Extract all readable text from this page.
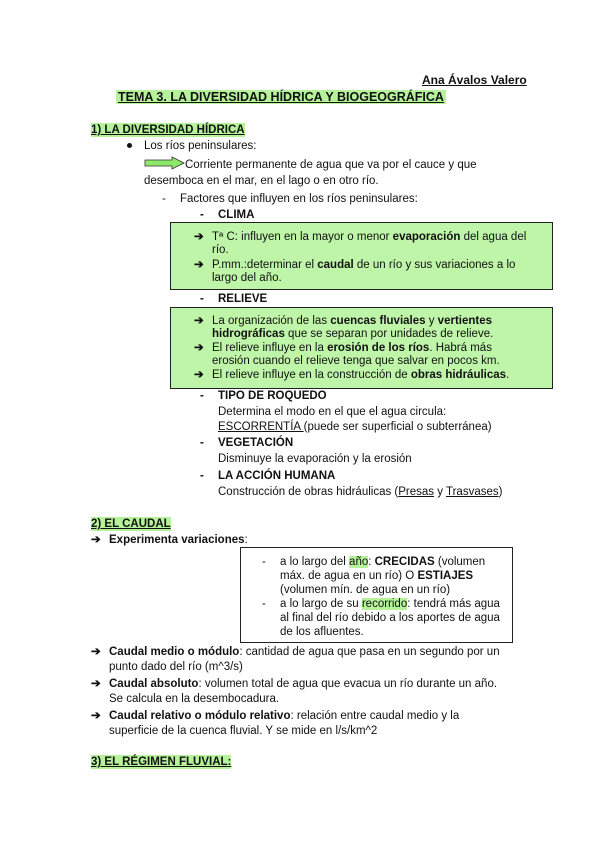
Ana Ávalos Valero
TEMA 3. LA DIVERSIDAD HÍDRICA Y BIOGEOGRÁFICA
1) LA DIVERSIDAD HÍDRICA
Los ríos peninsulares:
Corriente permanente de agua que va por el cauce y que
desemboca en el mar, en el lago o en otro río.
- Factores que influyen en los ríos peninsulares:
- CLIMA
➔ Tª C: influyen en la mayor o menor evaporación del agua del
río.
➔ P.mm.:determinar el caudal de un río y sus variaciones a lo
largo del año.
- RELIEVE
➔ La organización de las cuencas fluviales y vertientes
hidrográficas que se separan por unidades de relieve.
➔ El relieve influye en la erosión de los ríos. Habrá más
erosión cuando el relieve tenga que salvar en pocos km.
➔ El relieve influye en la construcción de obras hidráulicas.
- TIPO DE ROQUEDO
Determina el modo en el que el agua circula:
ESCORRENTÍA (puede ser superficial o subterránea)
- VEGETACIÓN
Disminuye la evaporación y la erosión
- LA ACCIÓN HUMANA
Construcción de obras hidráulicas (Presas y Trasvases)
2) EL CAUDAL
➔ Experimenta variaciones:
- a lo largo del año: CRECIDAS (volumen
máx. de agua en un río) O ESTIAJES
(volumen mín. de agua en un río)
- a lo largo de su recorrido: tendrá más agua
al final del río debido a los aportes de agua
de los afluentes.
➔ Caudal medio o módulo: cantidad de agua que pasa en un segundo por un
punto dado del río (m^3/s)
➔ Caudal absoluto: volumen total de agua que evacua un río durante un año.
Se calcula en la desembocadura.
➔ Caudal relativo o módulo relativo: relación entre caudal medio y la
superficie de la cuenca fluvial. Y se mide en l/s/km^2
3) EL RÉGIMEN FLUVIAL:
